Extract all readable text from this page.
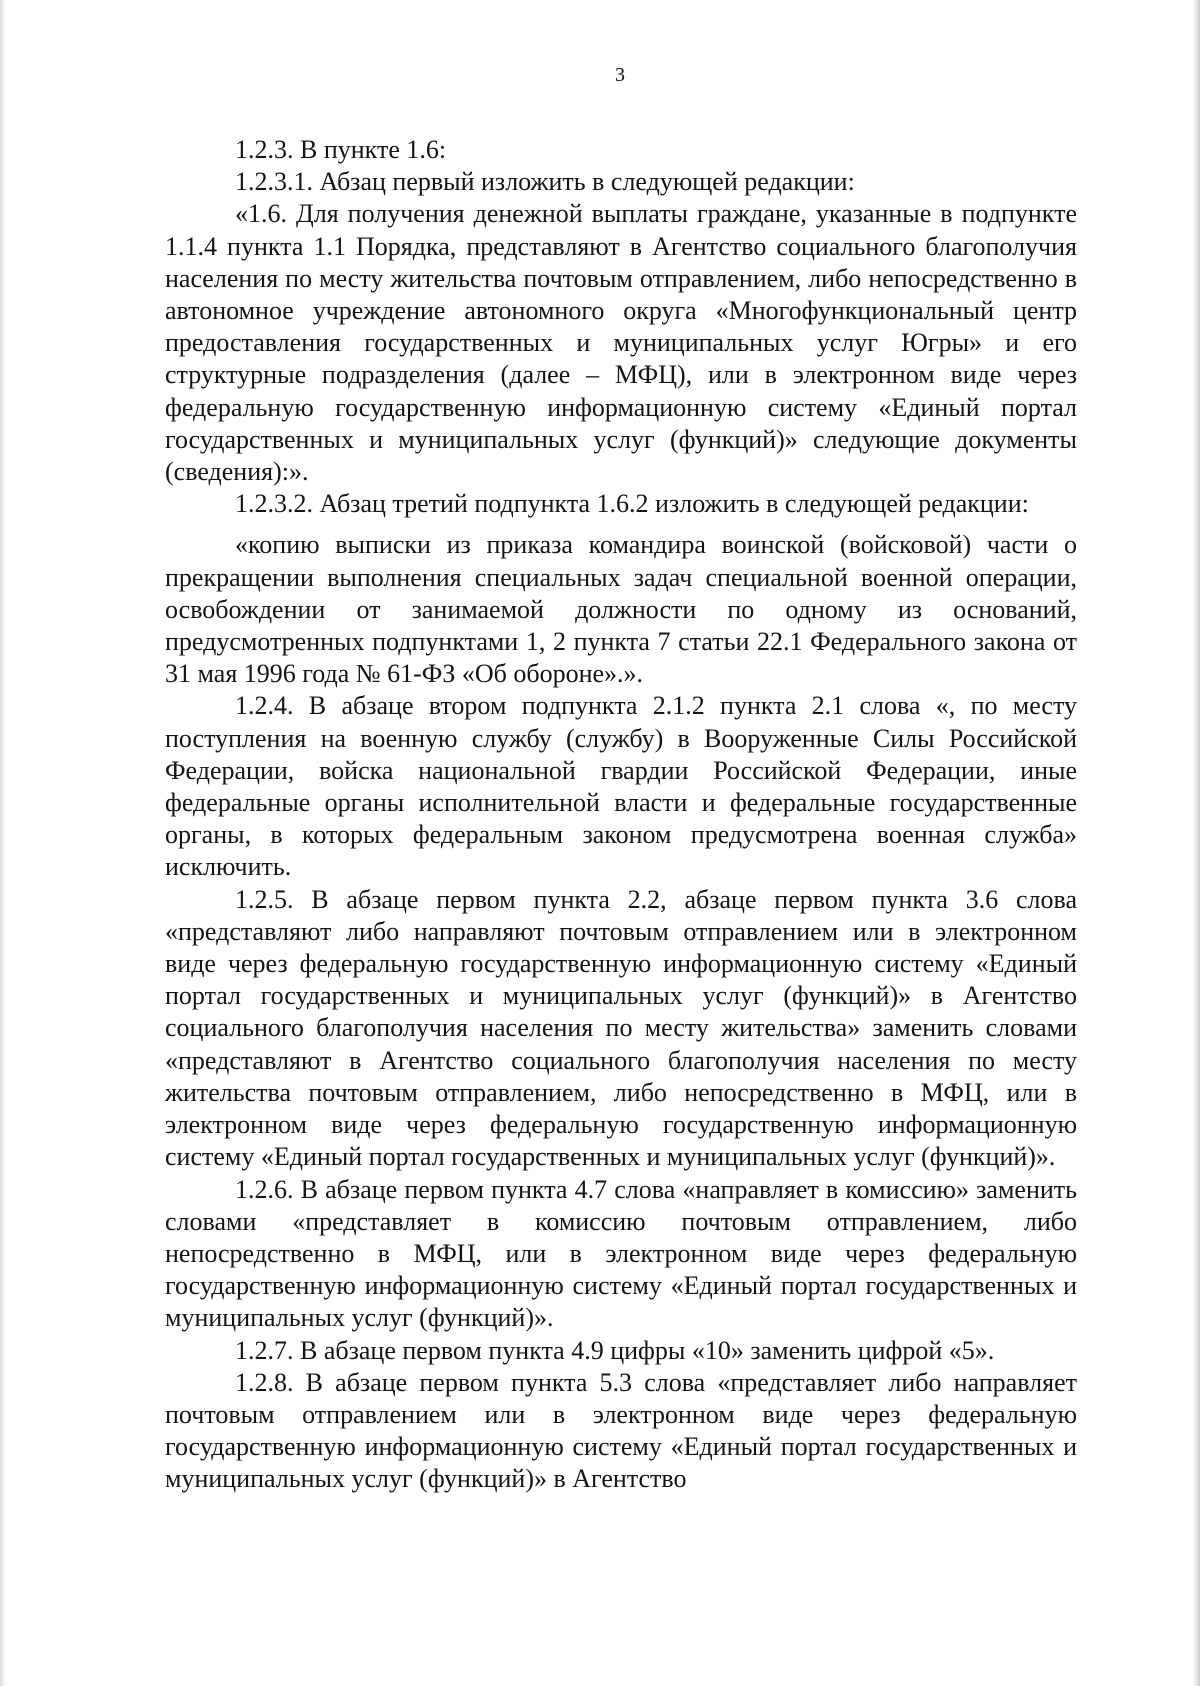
3

1.2.3. В пункте 1.6:

1.2.3.1. Абзац первый изложить в следующей редакции:

«1.6. Для получения денежной выплаты граждане, указанные в подпункте 1.1.4 пункта 1.1 Порядка, представляют в Агентство социального благополучия населения по месту жительства почтовым отправлением, либо непосредственно в автономное учреждение автономного округа «Многофункциональный центр предоставления государственных и муниципальных услуг Югры» и его структурные подразделения (далее – МФЦ), или в электронном виде через федеральную государственную информационную систему «Единый портал государственных и муниципальных услуг (функций)» следующие документы (сведения):».

1.2.3.2. Абзац третий подпункта 1.6.2 изложить в следующей редакции:

«копию выписки из приказа командира воинской (войсковой) части о прекращении выполнения специальных задач специальной военной операции, освобождении от занимаемой должности по одному из оснований, предусмотренных подпунктами 1, 2 пункта 7 статьи 22.1 Федерального закона от 31 мая 1996 года № 61-ФЗ «Об обороне».».

1.2.4. В абзаце втором подпункта 2.1.2 пункта 2.1 слова «, по месту поступления на военную службу (службу) в Вооруженные Силы Российской Федерации, войска национальной гвардии Российской Федерации, иные федеральные органы исполнительной власти и федеральные государственные органы, в которых федеральным законом предусмотрена военная служба» исключить.

1.2.5. В абзаце первом пункта 2.2, абзаце первом пункта 3.6 слова «представляют либо направляют почтовым отправлением или в электронном виде через федеральную государственную информационную систему «Единый портал государственных и муниципальных услуг (функций)» в Агентство социального благополучия населения по месту жительства» заменить словами «представляют в Агентство социального благополучия населения по месту жительства почтовым отправлением, либо непосредственно в МФЦ, или в электронном виде через федеральную государственную информационную систему «Единый портал государственных и муниципальных услуг (функций)».

1.2.6. В абзаце первом пункта 4.7 слова «направляет в комиссию» заменить словами «представляет в комиссию почтовым отправлением, либо непосредственно в МФЦ, или в электронном виде через федеральную государственную информационную систему «Единый портал государственных и муниципальных услуг (функций)».

1.2.7. В абзаце первом пункта 4.9 цифры «10» заменить цифрой «5».

1.2.8. В абзаце первом пункта 5.3 слова «представляет либо направляет почтовым отправлением или в электронном виде через федеральную государственную информационную систему «Единый портал государственных и муниципальных услуг (функций)» в Агентство
